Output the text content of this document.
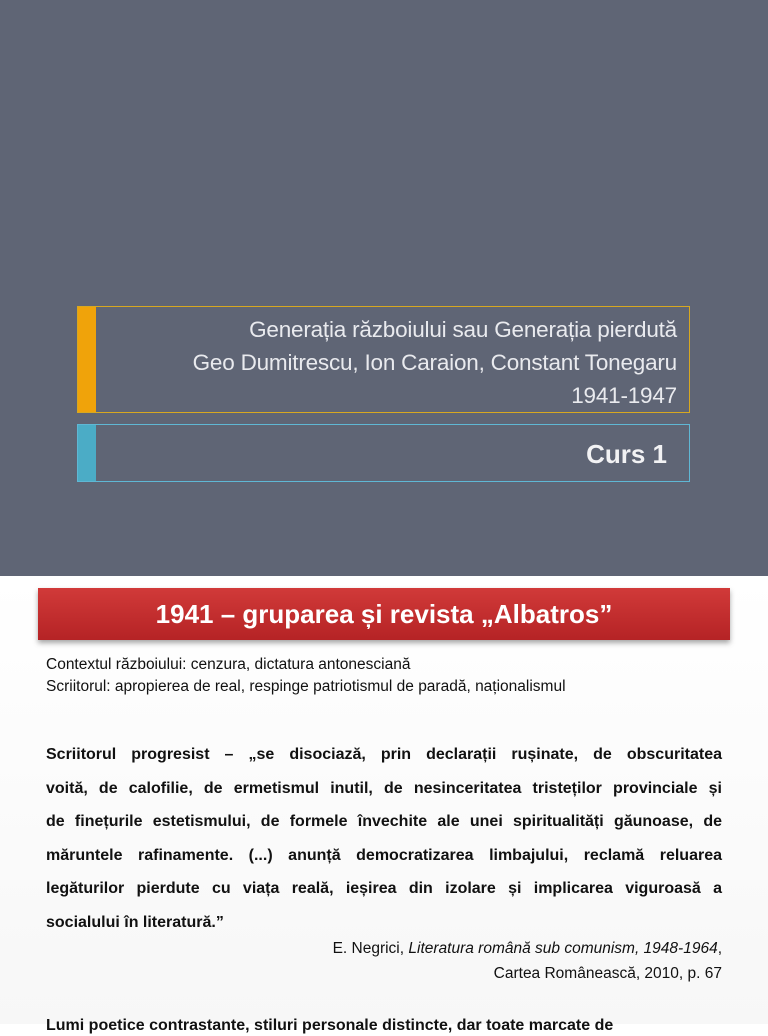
Generația războiului sau Generația pierdută
Geo Dumitrescu, Ion Caraion, Constant Tonegaru
1941-1947
Curs 1
1941 – gruparea și revista „Albatros”
Contextul războiului: cenzura, dictatura antonesciană
Scriitorul: apropierea de real, respinge patriotismul de paradă, naționalismul
Scriitorul progresist – „se disociază, prin declarații rușinate, de obscuritatea
voită, de calofilie, de ermetismul inutil, de nesinceritatea tristeților provinciale și
de finețurile estetismului, de formele învechite ale unei spiritualități găunoase, de
măruntele rafinamente. (...) anunță democratizarea limbajului, reclamă reluarea
legăturilor pierdute cu viața reală, ieșirea din izolare și implicarea viguroasă a
socialului în literatură.”
E. Negrici, Literatura română sub comunism, 1948-1964,
Cartea Românească, 2010, p. 67
Lumi poetice contrastante, stiluri personale distincte, dar toate marcate de
